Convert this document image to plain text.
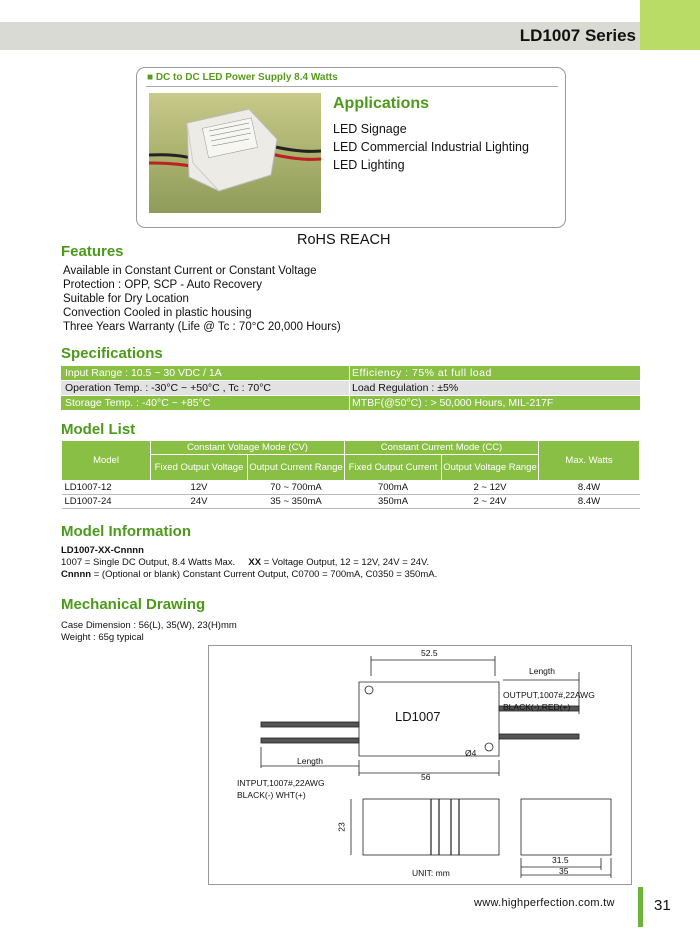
LD1007 Series
■ DC to DC LED Power Supply 8.4 Watts
Applications
LED Signage
LED Commercial Industrial Lighting
LED Lighting
RoHS REACH
Features
Available in Constant Current or Constant Voltage
Protection : OPP, SCP - Auto Recovery
Suitable for Dry Location
Convection Cooled in plastic housing
Three Years Warranty (Life @ Tc : 70°C 20,000 Hours)
Specifications
Input Range : 10.5 ~ 30 VDC / 1A	Efficiency : 75% at full load
Operation Temp. : -30°C ~ +50°C , Tc : 70°C	Load Regulation : ±5%
Storage Temp. : -40°C ~ +85°C	MTBF(@50°C) : > 50,000 Hours, MIL-217F
Model List
Model	Constant Voltage Mode (CV)		Constant Current Mode (CC)		Max. Watts
	Fixed Output Voltage	Output Current Range	Fixed Output Current	Output Voltage Range	
LD1007-12	12V	70 ~ 700mA	700mA	2 ~ 12V	8.4W
LD1007-24	24V	35 ~ 350mA	350mA	2 ~ 24V	8.4W
Model Information
LD1007-XX-Cnnnn
1007 = Single DC Output, 8.4 Watts Max. XX = Voltage Output, 12 = 12V, 24V = 24V.
Cnnnn = (Optional or blank) Constant Current Output, C0700 = 700mA, C0350 = 350mA.
Mechanical Drawing
Case Dimension : 56(L), 35(W), 23(H)mm
Weight : 65g typical
52.5
Length
OUTPUT,1007#,22AWG
BLACK(-),RED(+)
LD1007
Ø4
Length
56
INTPUT,1007#,22AWG
BLACK(-) WHT(+)
23
31.5
35
UNIT: mm
www.highperfection.com.tw	31
